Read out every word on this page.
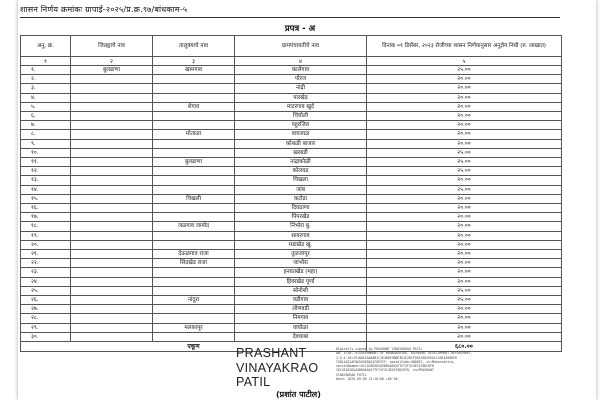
शासन निर्णय क्रमांकः ग्रापाई-२०२५/प्र.क्र.९७/बांधकाम-५
प्रपत्र - अ
अनु. क्र.	जिल्ह्याचे नाव	तालुक्याचे नाव	ग्रामपंचायतीचे नाव	दिनांक ०१ डिसेंबर, २०२३ रोजीच्या शासन निर्णयानुसार अनुज्ञेय निधी (रु. लाखात)
१	२	३	४	५
१.	बुलढाणा	खामगाव	कालेगाव	२५.००
२.			पोरज	२०.००
३.			नांद्री	२०.००
४.			पारखेड	२०.००
५.		शेगाव	माटरगाव खुर्द	२०.००
६.			चिंचोली	२०.००
७.			पहुरजिरा	२०.००
८.		मोताळा	वाघजाळ	२०.००
९.			कोथळी बाजार	२०.००
१०.			खरबडी	२५.००
११.		बुलढाणा	नांद्राकोळी	२५.००
१२.			कोलवड	२५.००
१३.			चिखला	२०.००
१४.			जांब	२५.००
१५.		चिखली	कटोडा	२०.००
१६.			दिवठाणा	२०.००
१७.			पिंपरखेड	२०.००
१८.		जळगाव जामोद	निंभोरा बु.	२०.००
१९.			सावरगाव	२०.००
२०.			मडाखेड खु.	२०.००
२१.		देऊळगाव राजा	तुळजापूर	२०.००
२२.		सिंदखेड राजा	जांभोरा	२०.००
२३.			हनवतखेड (महा)	२०.००
२४.			हिवरखेड पूर्णा	२०.००
२५.			सोनोशी	२५.००
२६.		नांदुरा	वडीगाव	२५.००
२७.			लोणवडी	२०.००
२८.			निमगाव	२०.००
२९.		मलकापूर	वाघोळा	२०.००
३०.			देवधाबा	२०.००
एकूण				६८०.००
PRASHANT
VINAYAKRAO
PATIL
Digitally signed by PRASHANT VINAYAKRAO PATIL
DN: c=IN, o=GOVERNMENT OF MAHARASHTRA, ou=RURAL DEVELOPMENT DEPARTMENT,
2.5.4.20=2918AE4A6A8B1C1E4D0F9B0E3D1E2B1F5B1F0D2E6A1C45B1A9D0F6
C5D14A22AF8A5A5E8A51F6E57F, postalCode=400032, st=Maharashtra,
serialNumber=91C4C8D2D5A5B8A6A61F7E72F3C4E51F0DC6F8
C6C4E1D2D5A5B8A6A61F7E72F3C4E51F0DC6F8, cn=PRASHANT
VINAYAKRAO PATIL
Date: 2025.09.09 12:28:06 +05'30'
(प्रशांत पाटील)
